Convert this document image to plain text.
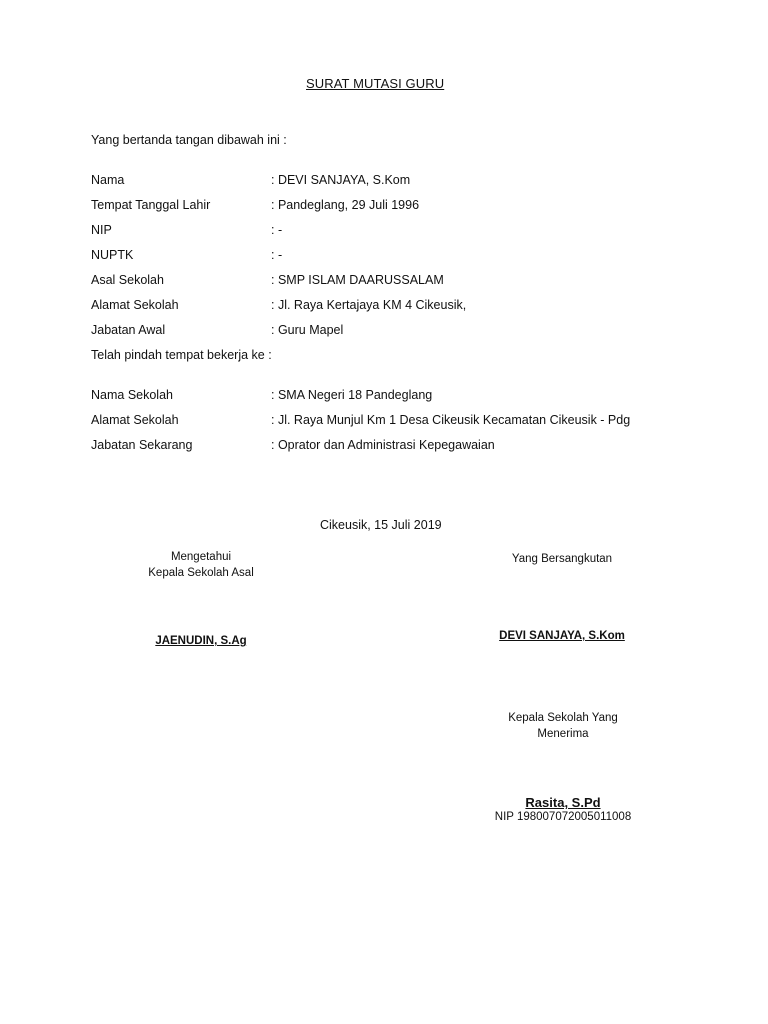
SURAT MUTASI GURU
Yang bertanda tangan dibawah ini :
Nama	: DEVI SANJAYA, S.Kom
Tempat Tanggal Lahir	: Pandeglang, 29 Juli 1996
NIP	: -
NUPTK	: -
Asal Sekolah	: SMP ISLAM DAARUSSALAM
Alamat Sekolah	: Jl. Raya Kertajaya KM 4 Cikeusik,
Jabatan Awal	: Guru Mapel
Telah pindah tempat bekerja ke :
Nama Sekolah	: SMA Negeri 18 Pandeglang
Alamat Sekolah	: Jl. Raya Munjul Km 1 Desa Cikeusik Kecamatan Cikeusik - Pdg
Jabatan Sekarang	: Oprator dan Administrasi Kepegawaian
Cikeusik, 15 Juli 2019
Mengetahui
Kepala Sekolah Asal
JAENUDIN, S.Ag
Yang Bersangkutan
DEVI SANJAYA, S.Kom
Kepala Sekolah Yang
Menerima
Rasita, S.Pd
NIP 198007072005011008
